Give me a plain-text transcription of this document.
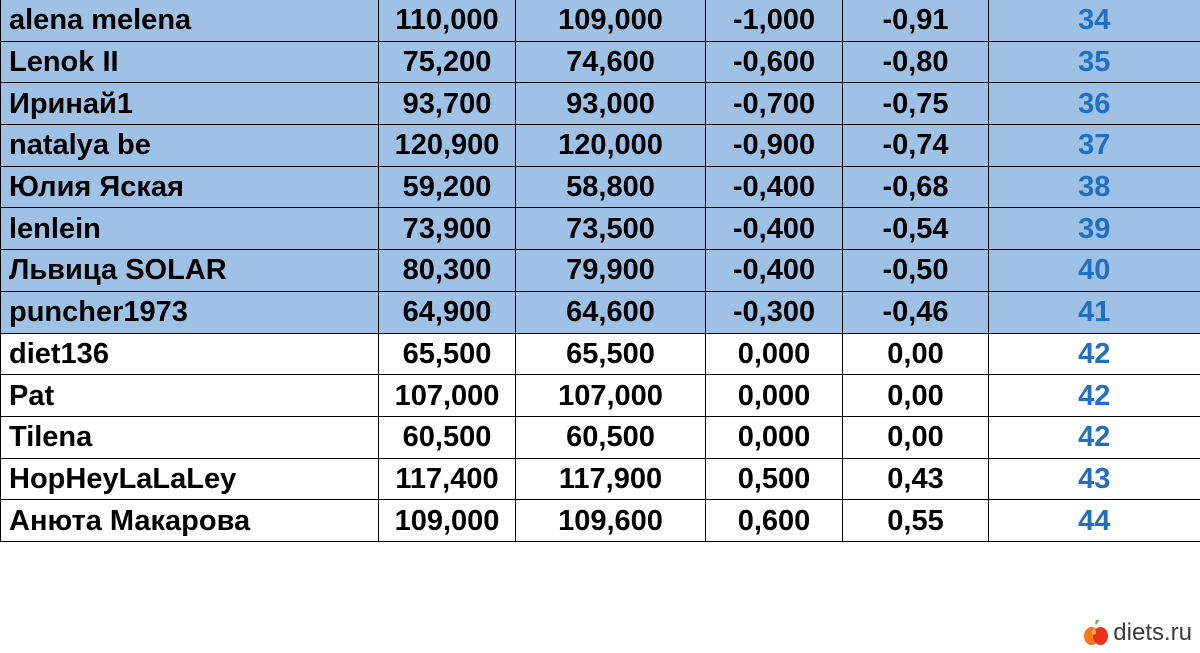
alena melena	110,000	109,000	-1,000	-0,91	34
Lenok II	75,200	74,600	-0,600	-0,80	35
Иринай1	93,700	93,000	-0,700	-0,75	36
natalya be	120,900	120,000	-0,900	-0,74	37
Юлия Яская	59,200	58,800	-0,400	-0,68	38
lenlein	73,900	73,500	-0,400	-0,54	39
Львица SOLAR	80,300	79,900	-0,400	-0,50	40
puncher1973	64,900	64,600	-0,300	-0,46	41
diet136	65,500	65,500	0,000	0,00	42
Pat	107,000	107,000	0,000	0,00	42
Tilena	60,500	60,500	0,000	0,00	42
HopHeyLaLaLey	117,400	117,900	0,500	0,43	43
Анюта Макарова	109,000	109,600	0,600	0,55	44
diets.ru
